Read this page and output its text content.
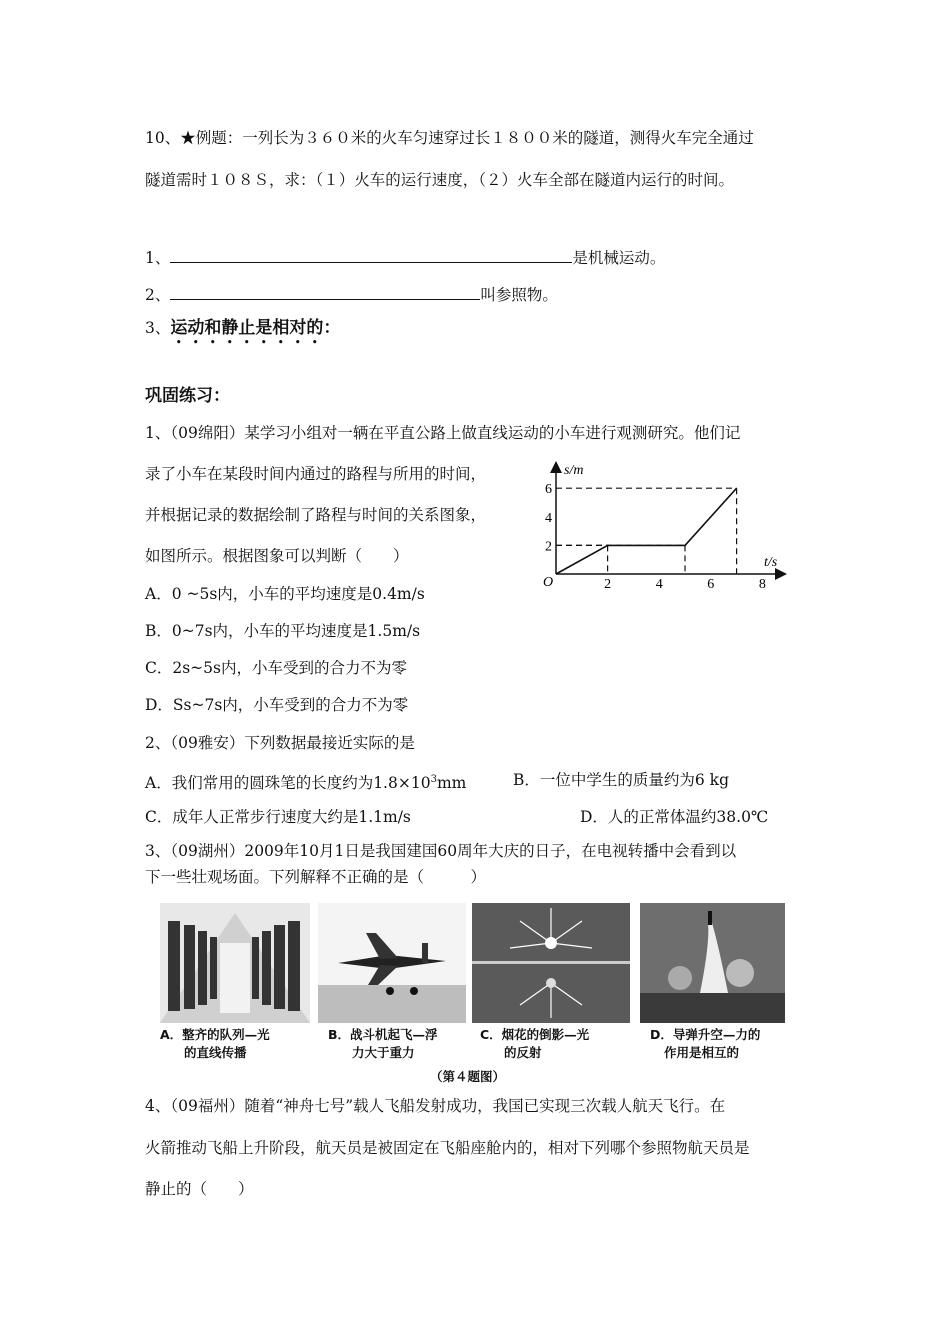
10、★例题：一列长为３６０米的火车匀速穿过长１８００米的隧道，测得火车完全通过
隧道需时１０８Ｓ，求：（１）火车的运行速度，（２）火车全部在隧道内运行的时间。
1、	是机械运动。
2、	叫参照物。
3、运动和静止是相对的：
巩固练习：
1、（09绵阳）某学习小组对一辆在平直公路上做直线运动的小车进行观测研究。他们记
录了小车在某段时间内通过的路程与所用的时间，
并根据记录的数据绘制了路程与时间的关系图象，
如图所示。根据图象可以判断（　　）
A．0 ~5s内，小车的平均速度是0.4m/s
B．0~7s内，小车的平均速度是1.5m/s
C．2s~5s内，小车受到的合力不为零
D．Ss~7s内，小车受到的合力不为零
2	4	6	8
2
4
6
s/m
t/s
O
2、（09雅安）下列数据最接近实际的是
A．我们常用的圆珠笔的长度约为$1.8\times 10^3mm$	B．一位中学生的质量约为6 kg
C．成年人正常步行速度大约是1.1m/s	D．人的正常体温约38.0℃
3、（09湖州）2009年10月1日是我国建国60周年大庆的日子，在电视转播中会看到以
下一些壮观场面。下列解释不正确的是（　　　）
A．整齐的队列—光
的直线传播
B．战斗机起飞—浮
力大于重力
C．烟花的倒影—光
的反射
D．导弹升空—力的
作用是相互的
（第４题图）
4、（09福州）随着“神舟七号”载人飞船发射成功，我国已实现三次载人航天飞行。在
火箭推动飞船上升阶段，航天员是被固定在飞船座舱内的，相对下列哪个参照物航天员是
静止的（　　）
